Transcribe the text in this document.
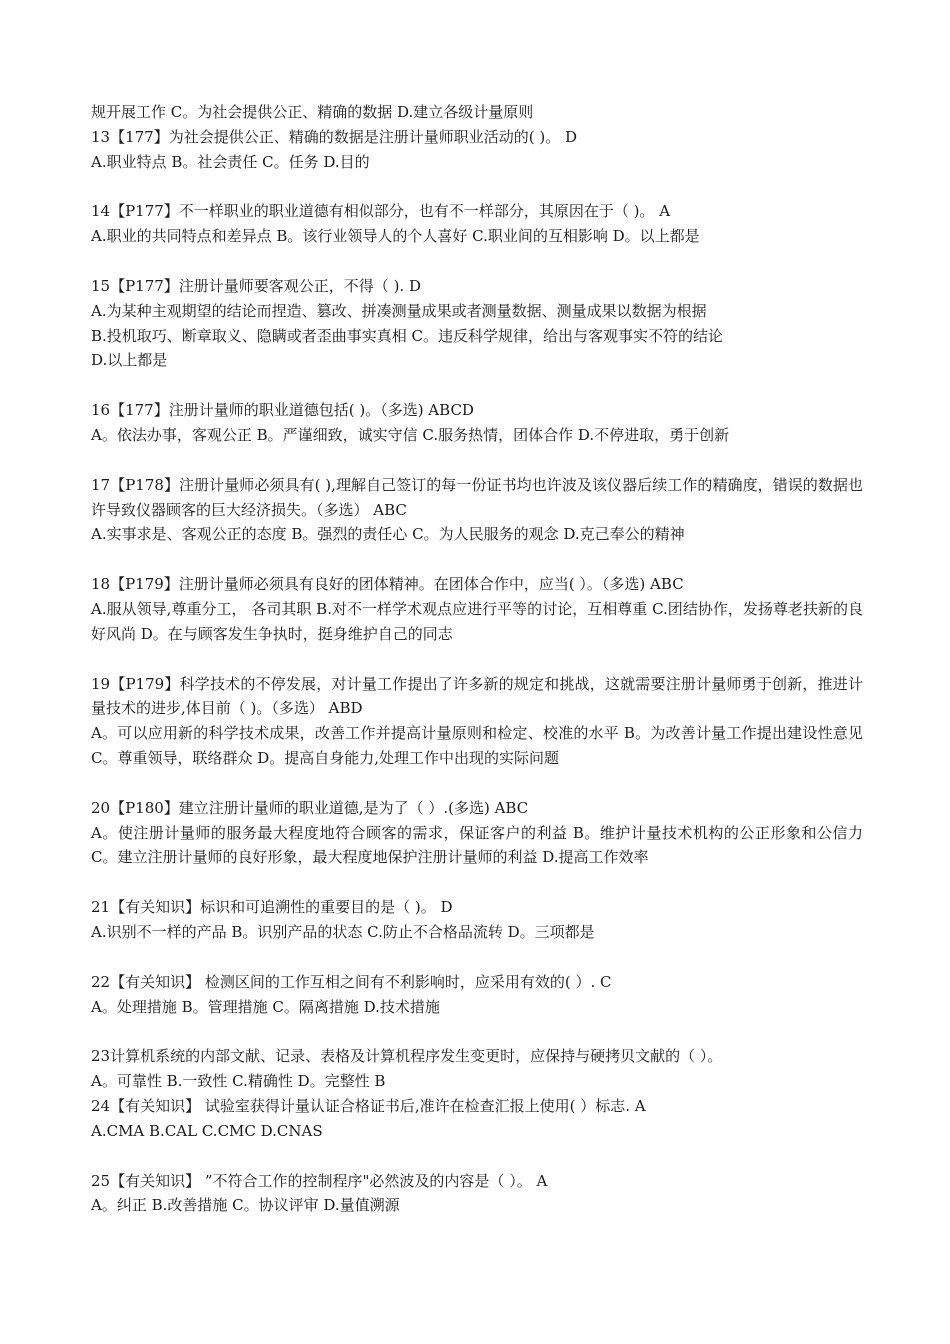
规开展工作 C。为社会提供公正、精确的数据 D.建立各级计量原则

13【177】为社会提供公正、精确的数据是注册计量师职业活动的( )。 D

A.职业特点 B。社会责任 C。任务 D.目的

14【P177】不一样职业的职业道德有相似部分，也有不一样部分，其原因在于（ )。 A

A.职业的共同特点和差异点 B。该行业领导人的个人喜好 C.职业间的互相影响 D。以上都是

15【P177】注册计量师要客观公正，不得（ ). D

A.为某种主观期望的结论而捏造、篡改、拼凑测量成果或者测量数据、测量成果以数据为根据

B.投机取巧、断章取义、隐瞒或者歪曲事实真相 C。违反科学规律，给出与客观事实不符的结论

D.以上都是

16【177】注册计量师的职业道德包括( )。（多选) ABCD

A。依法办事，客观公正 B。严谨细致，诚实守信 C.服务热情，团体合作 D.不停进取，勇于创新

17【P178】注册计量师必须具有( ),理解自己签订的每一份证书均也许波及该仪器后续工作的精确度，错误的数据也许导致仪器顾客的巨大经济损失。（多选） ABC

A.实事求是、客观公正的态度 B。强烈的责任心 C。为人民服务的观念 D.克己奉公的精神

18【P179】注册计量师必须具有良好的团体精神。在团体合作中，应当( ）。（多选) ABC

A.服从领导,尊重分工， 各司其职 B.对不一样学术观点应进行平等的讨论，互相尊重 C.团结协作，发扬尊老扶新的良好风尚 D。在与顾客发生争执时，挺身维护自己的同志

19【P179】科学技术的不停发展，对计量工作提出了许多新的规定和挑战，这就需要注册计量师勇于创新，推进计量技术的进步,体目前（ )。（多选） ABD

A。可以应用新的科学技术成果，改善工作并提高计量原则和检定、校准的水平 B。为改善计量工作提出建设性意见 C。尊重领导，联络群众 D。提高自身能力,处理工作中出现的实际问题

20【P180】建立注册计量师的职业道德,是为了（ ）.(多选) ABC

A。使注册计量师的服务最大程度地符合顾客的需求，保证客户的利益 B。维护计量技术机构的公正形象和公信力 C。建立注册计量师的良好形象，最大程度地保护注册计量师的利益 D.提高工作效率

21【有关知识】标识和可追溯性的重要目的是（ )。 D

A.识别不一样的产品 B。识别产品的状态 C.防止不合格品流转 D。三项都是

22【有关知识】 检测区间的工作互相之间有不利影响时，应采用有效的( ）. C

A。处理措施 B。管理措施 C。隔离措施 D.技术措施

23计算机系统的内部文献、记录、表格及计算机程序发生变更时，应保持与硬拷贝文献的（ ）。

A。可靠性 B.一致性 C.精确性 D。完整性 B

24【有关知识】 试验室获得计量认证合格证书后,准许在检查汇报上使用( ）标志. A

A.CMA B.CAL C.CMC D.CNAS

25【有关知识】 ”不符合工作的控制程序"必然波及的内容是（ ）。 A

A。纠正 B.改善措施 C。协议评审 D.量值溯源
